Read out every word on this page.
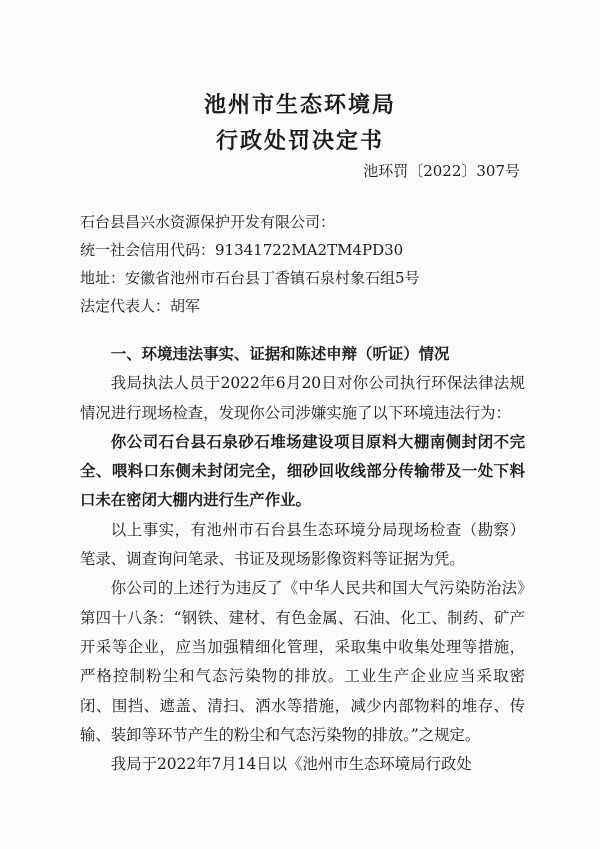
池州市生态环境局
行政处罚决定书
池环罚〔2022〕307号
石台县昌兴水资源保护开发有限公司：
统一社会信用代码：91341722MA2TM4PD30
地址：安徽省池州市石台县丁香镇石泉村象石组5号
法定代表人：胡军

一、环境违法事实、证据和陈述申辩（听证）情况

我局执法人员于2022年6月20日对你公司执行环保法律法规情况进行现场检查，发现你公司涉嫌实施了以下环境违法行为：

你公司石台县石泉砂石堆场建设项目原料大棚南侧封闭不完全、喂料口东侧未封闭完全，细砂回收线部分传输带及一处下料口未在密闭大棚内进行生产作业。

以上事实，有池州市石台县生态环境分局现场检查（勘察）笔录、调查询问笔录、书证及现场影像资料等证据为凭。

你公司的上述行为违反了《中华人民共和国大气污染防治法》第四十八条：“钢铁、建材、有色金属、石油、化工、制药、矿产开采等企业，应当加强精细化管理，采取集中收集处理等措施，严格控制粉尘和气态污染物的排放。工业生产企业应当采取密闭、围挡、遮盖、清扫、洒水等措施，减少内部物料的堆存、传输、装卸等环节产生的粉尘和气态污染物的排放。”之规定。

我局于2022年7月14日以《池州市生态环境局行政处
